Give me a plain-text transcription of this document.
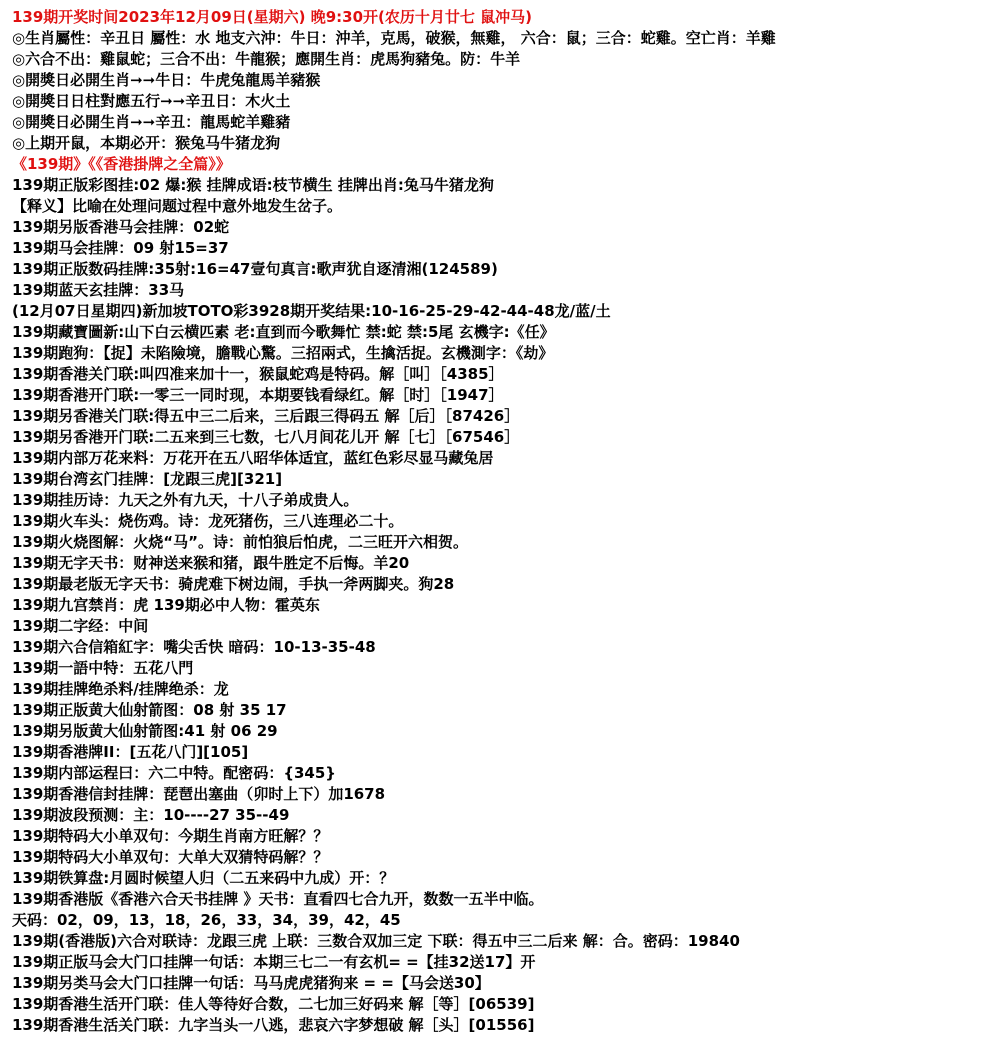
139期开奖时间2023年12月09日(星期六) 晚9:30开(农历十月廿七 鼠冲马)
◎生肖屬性：辛丑日 屬性：水 地支六沖：牛日：沖羊，克馬，破猴，無雞， 六合：鼠；三合：蛇雞。空亡肖：羊雞
◎六合不出：雞鼠蛇；三合不出：牛龍猴；應開生肖：虎馬狗豬兔。防：牛羊
◎開獎日必開生肖➞➞牛日：牛虎兔龍馬羊豬猴
◎開獎日日柱對應五行➞➞辛丑日：木火土
◎開獎日必開生肖➞➞辛丑：龍馬蛇羊雞豬
◎上期开鼠，本期必开：猴兔马牛猪龙狗
《139期》《《香港掛牌之全篇》》
139期正版彩图挂:02 爆:猴 挂牌成语:枝节横生 挂牌出肖:兔马牛猪龙狗
【释义】比喻在处理问题过程中意外地发生岔子。
139期另版香港马会挂牌：02蛇
139期马会挂牌：09 射15=37
139期正版数码挂牌:35射:16=47壹句真言:歌声犹自逐清湘(124589)
139期蓝天玄挂牌：33马
(12月07日星期四)新加坡TOTO彩3928期开奖结果:10-16-25-29-42-44-48龙/蓝/土
139期藏寶圖新:山下白云横匹素 老:直到而今歌舞忙 禁:蛇 禁:5尾 玄機字:《任》
139期跑狗：【捉】未陷險境，膽戰心驚。三招兩式，生擒活捉。玄機測字：《劫》
139期香港关门联:叫四准来加十一，猴鼠蛇鸡是特码。解［叫］［4385］
139期香港开门联:一零三一同时现，本期要钱看绿红。解［时］［1947］
139期另香港关门联:得五中三二后来，三后跟三得码五 解［后］［87426］
139期另香港开门联:二五来到三七数，七八月间花儿开 解［七］［67546］
139期内部万花来料：万花开在五八昭华体适宜，蓝红色彩尽显马藏兔居
139期台湾玄门挂牌：[龙跟三虎][321]
139期挂历诗：九天之外有九天，十八子弟成贵人。
139期火车头：烧伤鸡。诗：龙死猪伤，三八连理必二十。
139期火烧图解：火烧“马”。诗：前怕狼后怕虎，二三旺开六相贺。
139期无字天书：财神送来猴和猪，跟牛胜定不后悔。羊20
139期最老版无字天书：骑虎难下树边闹，手执一斧两脚夹。狗28
139期九宫禁肖：虎 139期必中人物：霍英东
139期二字经：中间
139期六合信箱紅字：嘴尖舌快 暗码：10-13-35-48
139期一語中特：五花八門
139期挂牌绝杀料/挂牌绝杀：龙
139期正版黄大仙射箭图：08 射 35 17
139期另版黄大仙射箭图:41 射 06 29
139期香港牌II：[五花八门][105]
139期内部运程曰：六二中特。配密码：{345}
139期香港信封挂牌：琵琶出塞曲（卯时上下）加1678
139期波段预测：主：10----27 35--49
139期特码大小单双句：今期生肖南方旺解？？
139期特码大小单双句：大单大双猜特码解？？
139期铁算盘:月圆时候望人归（二五来码中九成）开：？
139期香港版《香港六合天书挂牌 》天书：直看四七合九开，数数一五半中临。
天码：02，09，13，18，26，33，34，39，42，45
139期(香港版)六合对联诗：龙跟三虎 上联：三数合双加三定 下联：得五中三二后来 解：合。密码：19840
139期正版马会大门口挂牌一句话：本期三七二一有玄机= =【挂32送17】开
139期另类马会大门口挂牌一句话：马马虎虎猪狗来 = =【马会送30】
139期香港生活开门联：佳人等待好合数，二七加三好码来 解［等］[06539]
139期香港生活关门联：九字当头一八逃，悲哀六字梦想破 解［头］[01556]
